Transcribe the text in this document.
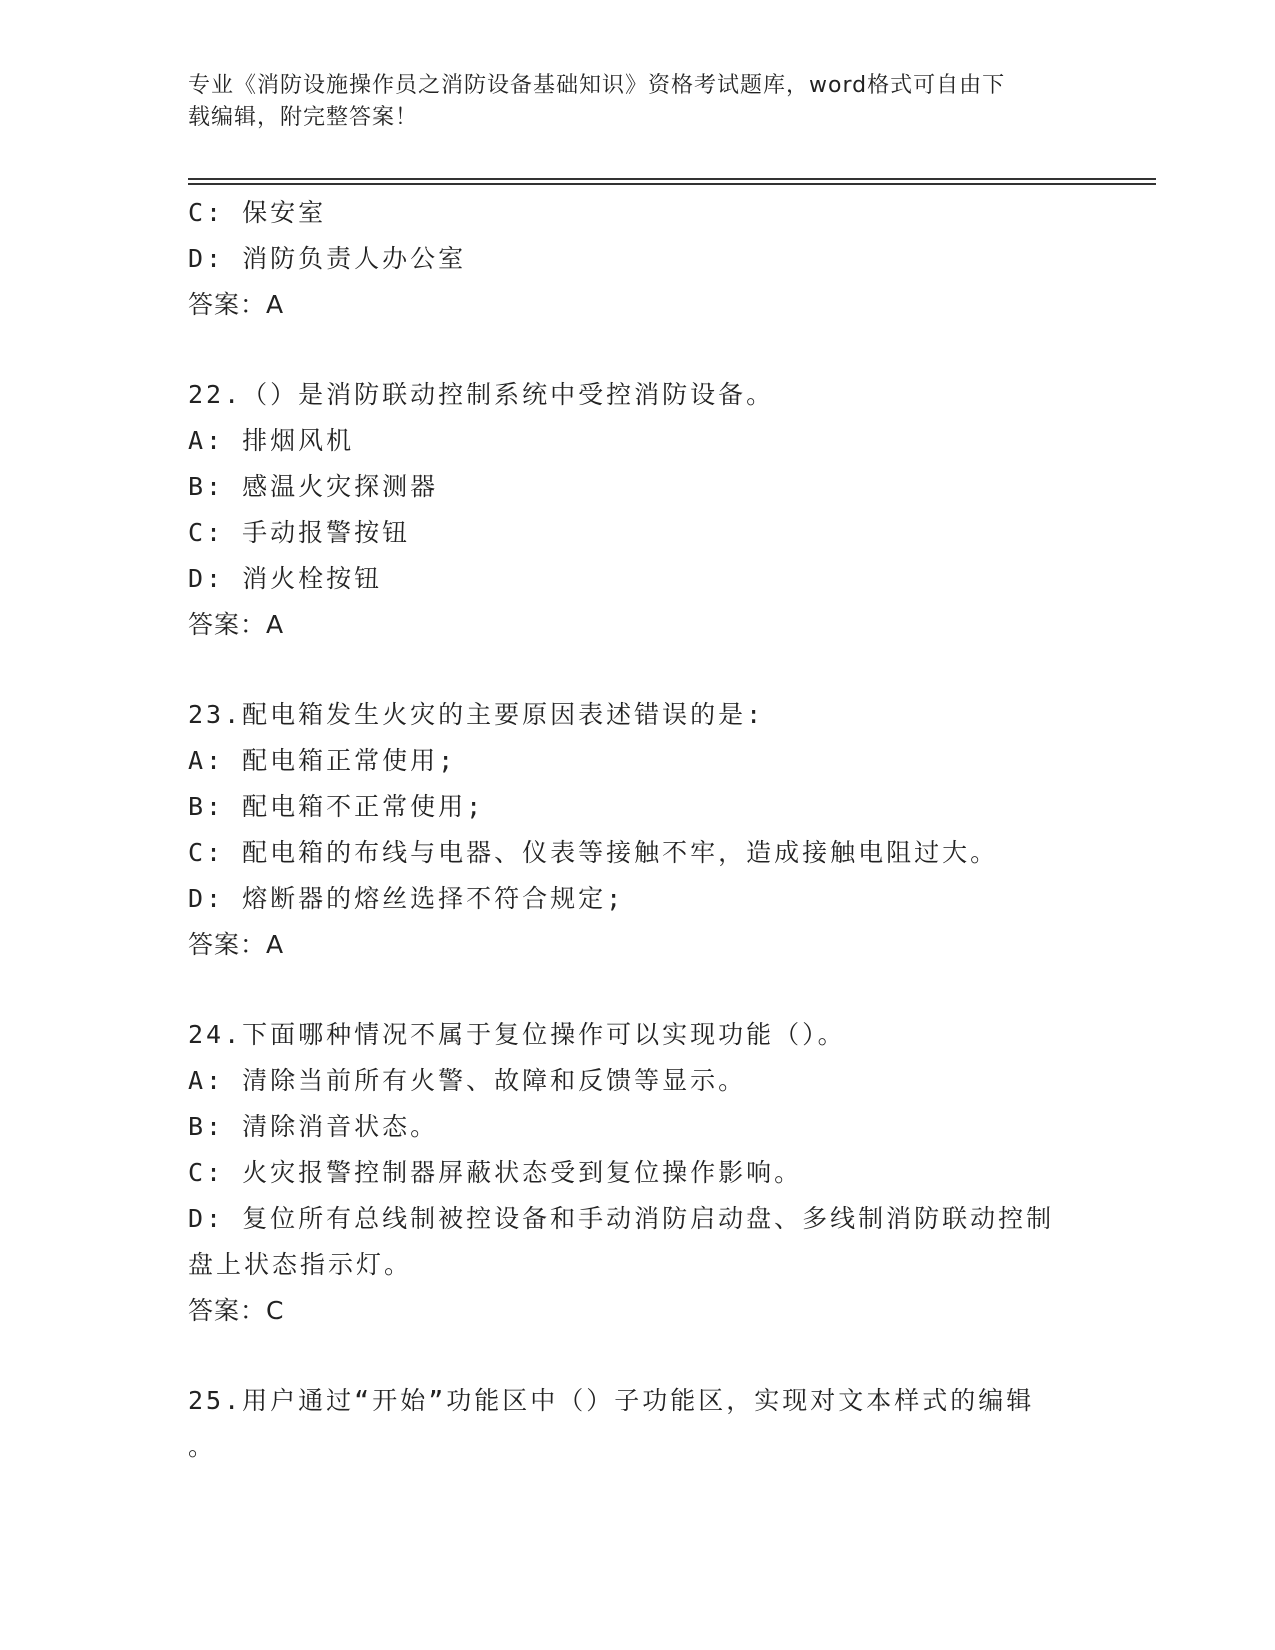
专业《消防设施操作员之消防设备基础知识》资格考试题库，word格式可自由下
载编辑，附完整答案！
C: 保安室
D: 消防负责人办公室
答案：A
22.（）是消防联动控制系统中受控消防设备。
A: 排烟风机
B: 感温火灾探测器
C: 手动报警按钮
D: 消火栓按钮
答案：A
23.配电箱发生火灾的主要原因表述错误的是:
A: 配电箱正常使用;
B: 配电箱不正常使用;
C: 配电箱的布线与电器、仪表等接触不牢，造成接触电阻过大。
D: 熔断器的熔丝选择不符合规定;
答案：A
24.下面哪种情况不属于复位操作可以实现功能（）。
A: 清除当前所有火警、故障和反馈等显示。
B: 清除消音状态。
C: 火灾报警控制器屏蔽状态受到复位操作影响。
D: 复位所有总线制被控设备和手动消防启动盘、多线制消防联动控制
盘上状态指示灯。
答案：C
25.用户通过“开始”功能区中（）子功能区，实现对文本样式的编辑
。
